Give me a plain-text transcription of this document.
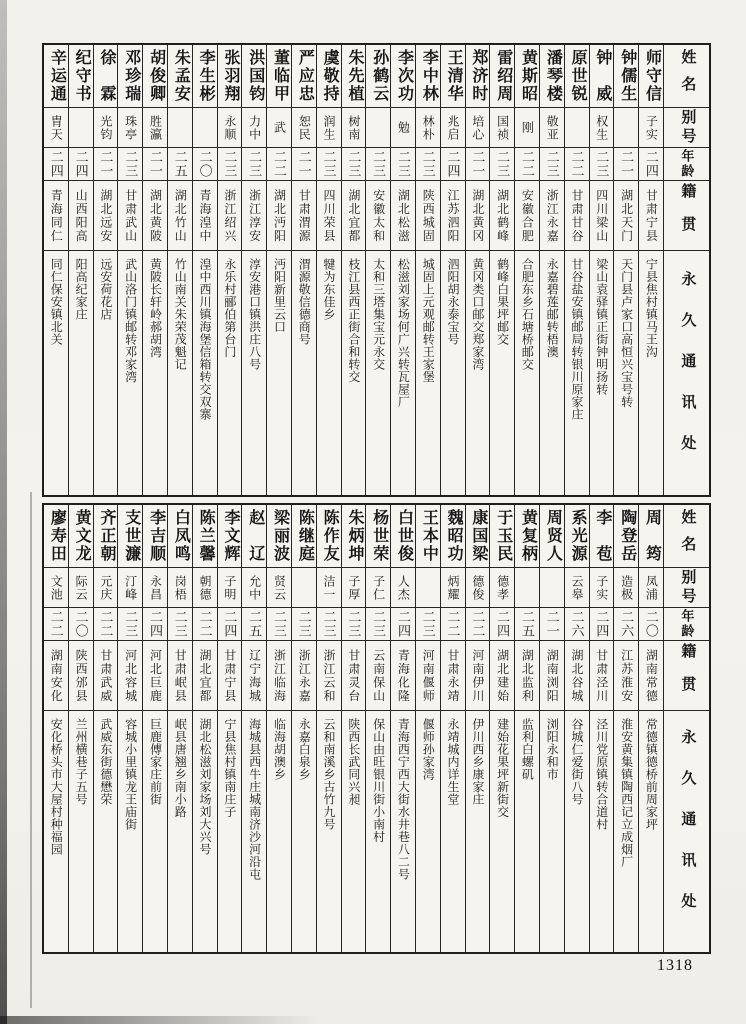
姓名
别号
年龄
籍贯
永久通讯处
师守信
子实
二四
甘肃宁县
宁县焦村镇马王沟
钟儒生
二一
湖北天门
天门县卢家口高恒兴宝号转
钟　威
权生
二三
四川梁山
梁山袁驿镇正街钟明扬转
原世锐
二二
甘肃甘谷
甘谷盐安镇邮局转银川原家庄
潘琴楼
敬亚
二三
浙江永嘉
永嘉碧莲邮转梧澳
黄斯昭
刚
二二
安徽合肥
合肥东乡石塘桥邮交
雷绍周
国祯
二三
湖北鹤峰
鹤峰白果坪邮交
郑济时
培心
二一
湖北黄冈
黄冈类口邮交郑家湾
王清华
兆启
二四
江苏泗阳
泗阳胡永泰宝号
李中林
林朴
二三
陕西城固
城固上元观邮转王家堡
李次功
勉
二三
湖北松滋
松滋刘家场何广兴转瓦屋厂
孙鹤云
二三
安徽太和
太和三塔集宝元永交
朱先植
树南
二三
湖北宜都
枝江县西正街合和转交
虞敬持
润生
二三
四川荣县
犍为东佳乡
严应忠
恕民
二一
甘肃渭源
渭源敬信德商号
董临甲
武
二二
湖北沔阳
沔阳新里云口
洪国钧
力中
二三
浙江淳安
淳安港口镇洪庄八号
张羽翔
永顺
二三
浙江绍兴
永乐村郦伯第台门
李生彬
二〇
青海湟中
湟中西川镇海堡信箱转交双寨
朱孟安
二五
湖北竹山
竹山南关朱荣茂魁记
胡俊卿
胜瀛
二一
湖北黄陂
黄陂长轩岭郝胡湾
邓珍瑞
珠亭
二三
甘肃武山
武山洛门镇邮转邓家湾
徐　霖
光钧
二一
湖北远安
远安荷花店
纪守书
二四
山西阳高
阳高纪家庄
辛运通
胄天
二四
青海同仁
同仁保安镇北关
姓名
别号
年龄
籍贯
永久通讯处
周　筠
凤浦
二〇
湖南常德
常德镇德桥前周家坪
陶登岳
造极
二六
江苏淮安
淮安黄集镇陶西记立成烟厂
李　苞
子实
二四
甘肃泾川
泾川党原镇转合道村
系光源
云皋
二六
湖北谷城
谷城仁爱街八号
周贤人
二一
湖南浏阳
浏阳永和市
黄复柄
二五
湖北监利
监利白螺矶
于玉民
德孝
二四
湖北建始
建始花果坪新街交
康国梁
德俊
二二
河南伊川
伊川西乡康家庄
魏昭功
炳耀
二二
甘肃永靖
永靖城内详生堂
王本中
二三
河南偃师
偃师孙家湾
白世俊
人杰
二四
青海化隆
青海西宁西大街水井巷八二号
杨世荣
子仁
二三
云南保山
保山由旺银川街小南村
朱炳坤
子厚
二三
甘肃灵台
陕西长武同兴昶
陈作友
洁一
二三
浙江云和
云和南溪乡古竹九号
陈继庭
二三
浙江永嘉
永嘉白泉乡
梁丽波
贤云
二三
浙江临海
临海胡澳乡
赵　辽
允中
二五
辽宁海城
海城县西牛庄城南济沙河沿屯
李文辉
子明
二四
甘肃宁县
宁县焦村镇南庄子
陈兰馨
朝德
二二
湖北宜都
湖北松滋刘家场刘大兴号
白凤鸣
岗梧
二三
甘肃岷县
岷县唐翘乡南小路
李吉顺
永昌
二四
河北巨鹿
巨鹿傅家庄前街
支世濂
汀峰
二三
河北容城
容城小里镇龙王庙街
齐正朝
元庆
二二
甘肃武威
武威东街德懋荣
黄文龙
际云
二〇
陕西邠县
兰州横巷子五号
廖寿田
文池
二二
湖南安化
安化桥头市大屋村种福园
1318
